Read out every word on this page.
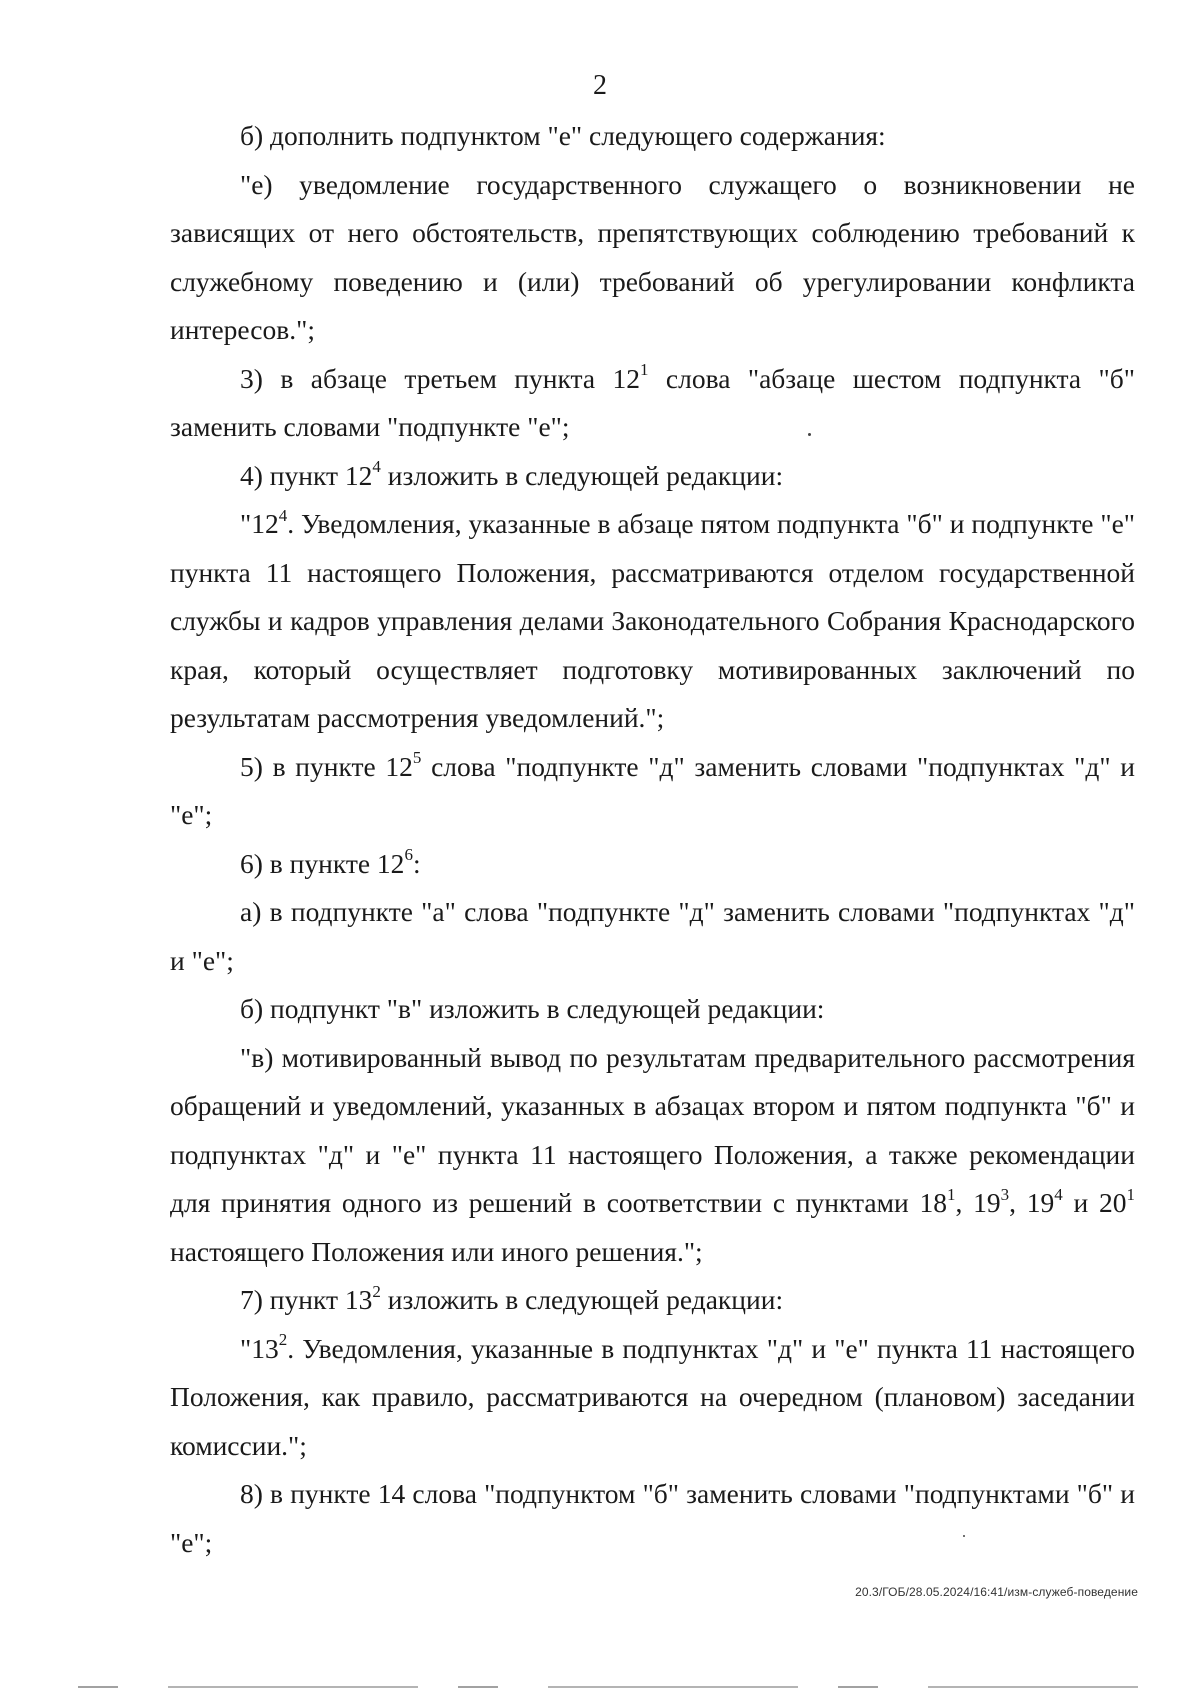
2

б) дополнить подпунктом "е" следующего содержания:

"е) уведомление государственного служащего о возникновении не зависящих от него обстоятельств, препятствующих соблюдению требований к служебному поведению и (или) требований об урегулировании конфликта интересов.";

3) в абзаце третьем пункта $12^1$ слова "абзаце шестом подпункта "б" заменить словами "подпункте "е";

4) пункт $12^4$ изложить в следующей редакции:

"$12^4$. Уведомления, указанные в абзаце пятом подпункта "б" и подпункте "е" пункта 11 настоящего Положения, рассматриваются отделом государственной службы и кадров управления делами Законодательного Собрания Краснодарского края, который осуществляет подготовку мотивированных заключений по результатам рассмотрения уведомлений.";

5) в пункте $12^5$ слова "подпункте "д" заменить словами "подпунктах "д" и "е";

6) в пункте $12^6$:

а) в подпункте "а" слова "подпункте "д" заменить словами "подпунктах "д" и "е";

б) подпункт "в" изложить в следующей редакции:

"в) мотивированный вывод по результатам предварительного рассмотрения обращений и уведомлений, указанных в абзацах втором и пятом подпункта "б" и подпунктах "д" и "е" пункта 11 настоящего Положения, а также рекомендации для принятия одного из решений в соответствии с пунктами $18^1$, $19^3$, $19^4$ и $20^1$ настоящего Положения или иного решения.";

7) пункт $13^2$ изложить в следующей редакции:

"$13^2$. Уведомления, указанные в подпунктах "д" и "е" пункта 11 настоящего Положения, как правило, рассматриваются на очередном (плановом) заседании комиссии.";

8) в пункте 14 слова "подпунктом "б" заменить словами "подпунктами "б" и "е";

20.3/ГОБ/28.05.2024/16:41/изм-служеб-поведение
